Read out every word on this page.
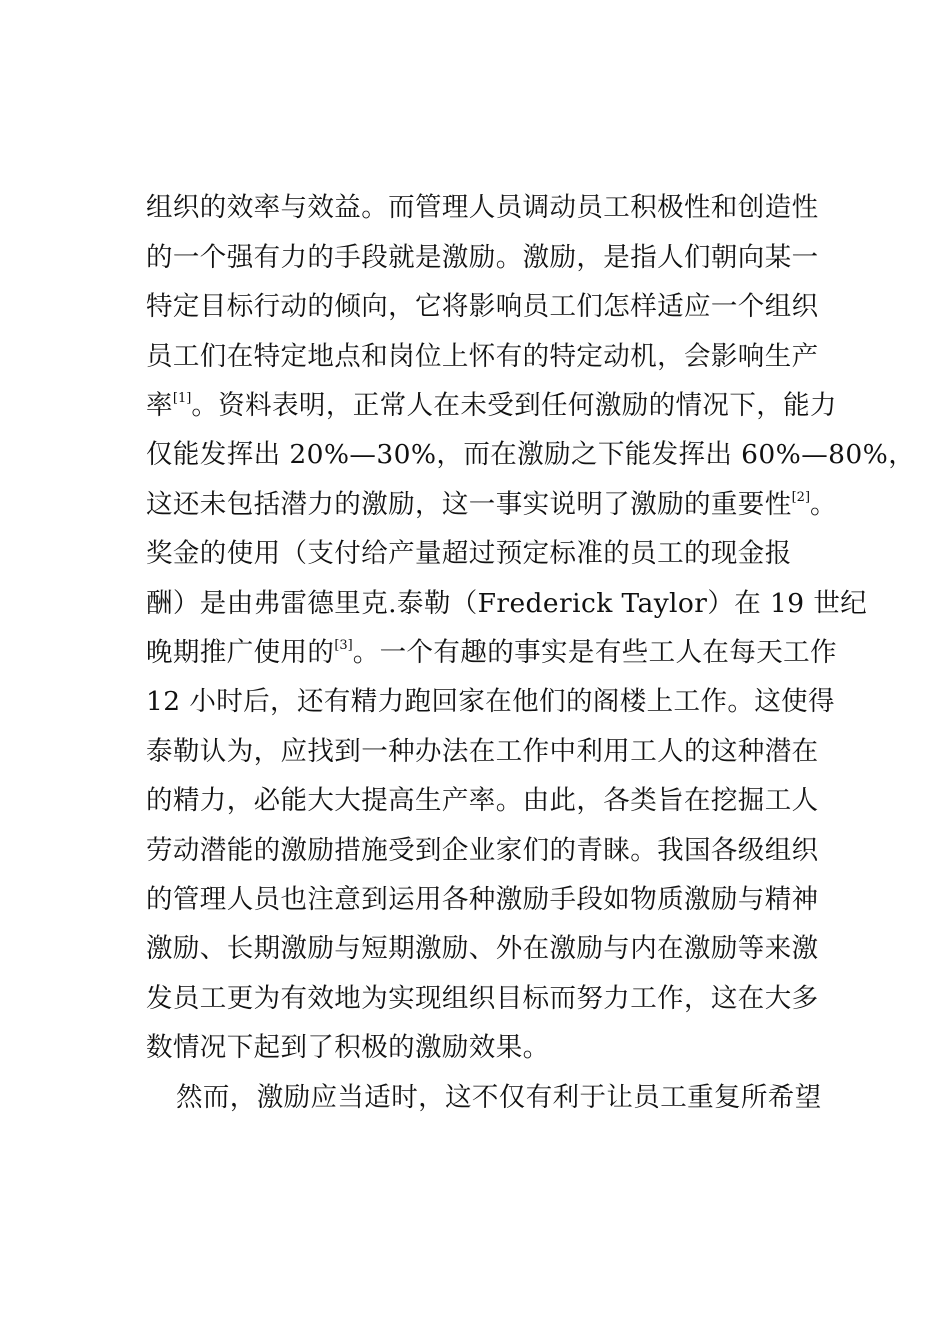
组织的效率与效益。而管理人员调动员工积极性和创造性
的一个强有力的手段就是激励。激励，是指人们朝向某一
特定目标行动的倾向，它将影响员工们怎样适应一个组织
员工们在特定地点和岗位上怀有的特定动机，会影响生产
率[1]。资料表明，正常人在未受到任何激励的情况下，能力
仅能发挥出 20%—30%，而在激励之下能发挥出 60%—80%，
这还未包括潜力的激励，这一事实说明了激励的重要性[2]。
奖金的使用（支付给产量超过预定标准的员工的现金报
酬）是由弗雷德里克.泰勒（Frederick Taylor）在 19 世纪
晚期推广使用的[3]。一个有趣的事实是有些工人在每天工作
12 小时后，还有精力跑回家在他们的阁楼上工作。这使得
泰勒认为，应找到一种办法在工作中利用工人的这种潜在
的精力，必能大大提高生产率。由此，各类旨在挖掘工人
劳动潜能的激励措施受到企业家们的青睐。我国各级组织
的管理人员也注意到运用各种激励手段如物质激励与精神
激励、长期激励与短期激励、外在激励与内在激励等来激
发员工更为有效地为实现组织目标而努力工作，这在大多
数情况下起到了积极的激励效果。
然而，激励应当适时，这不仅有利于让员工重复所希望
